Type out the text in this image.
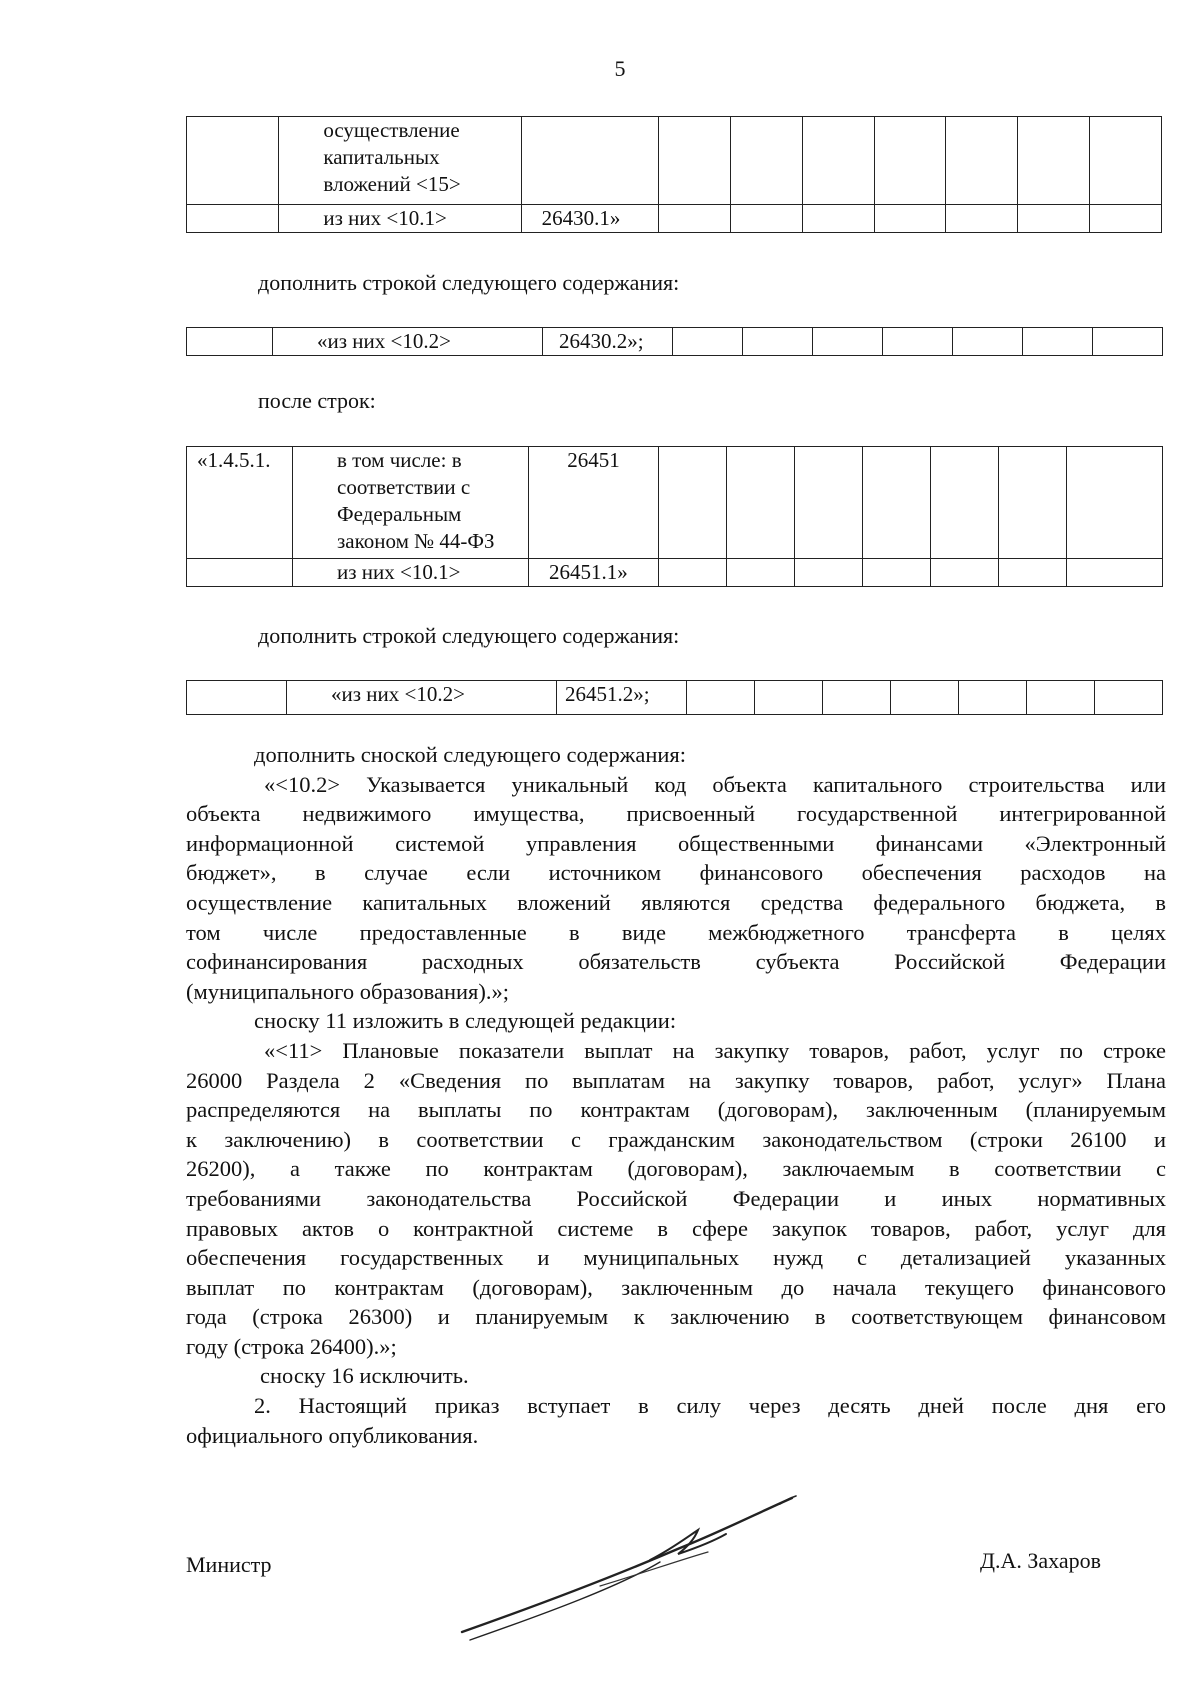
5

	осуществление
капитальных
вложений <15>								

	из них <10.1>	26430.1»							
дополнить строкой следующего содержания:
	«из них <10.2>	26430.2»;							
после строк:
«1.4.5.1.	в том числе: в
соответствии с
Федеральным
законом № 44-ФЗ	26451							
	из них <10.1>	26451.1»							
дополнить строкой следующего содержания:
	«из них <10.2>	26451.2»;							

дополнить сноской следующего содержания:

«<10.2> Указывается уникальный код объекта капитального строительства или

объекта недвижимого имущества, присвоенный государственной интегрированной

информационной системой управления общественными финансами «Электронный

бюджет», в случае если источником финансового обеспечения расходов на

осуществление капитальных вложений являются средства федерального бюджета, в

том числе предоставленные в виде межбюджетного трансферта в целях

софинансирования расходных обязательств субъекта Российской Федерации

(муниципального образования).»;

сноску 11 изложить в следующей редакции:

«<11> Плановые показатели выплат на закупку товаров, работ, услуг по строке

26000 Раздела 2 «Сведения по выплатам на закупку товаров, работ, услуг» Плана

распределяются на выплаты по контрактам (договорам), заключенным (планируемым

к заключению) в соответствии с гражданским законодательством (строки 26100 и

26200), а также по контрактам (договорам), заключаемым в соответствии с

требованиями законодательства Российской Федерации и иных нормативных

правовых актов о контрактной системе в сфере закупок товаров, работ, услуг для

обеспечения государственных и муниципальных нужд с детализацией указанных

выплат по контрактам (договорам), заключенным до начала текущего финансового

года (строка 26300) и планируемым к заключению в соответствующем финансовом

году (строка 26400).»;

сноску 16 исключить.

2. Настоящий приказ вступает в силу через десять дней после дня его

официального опубликования.

Министр	Д.А. Захаров
